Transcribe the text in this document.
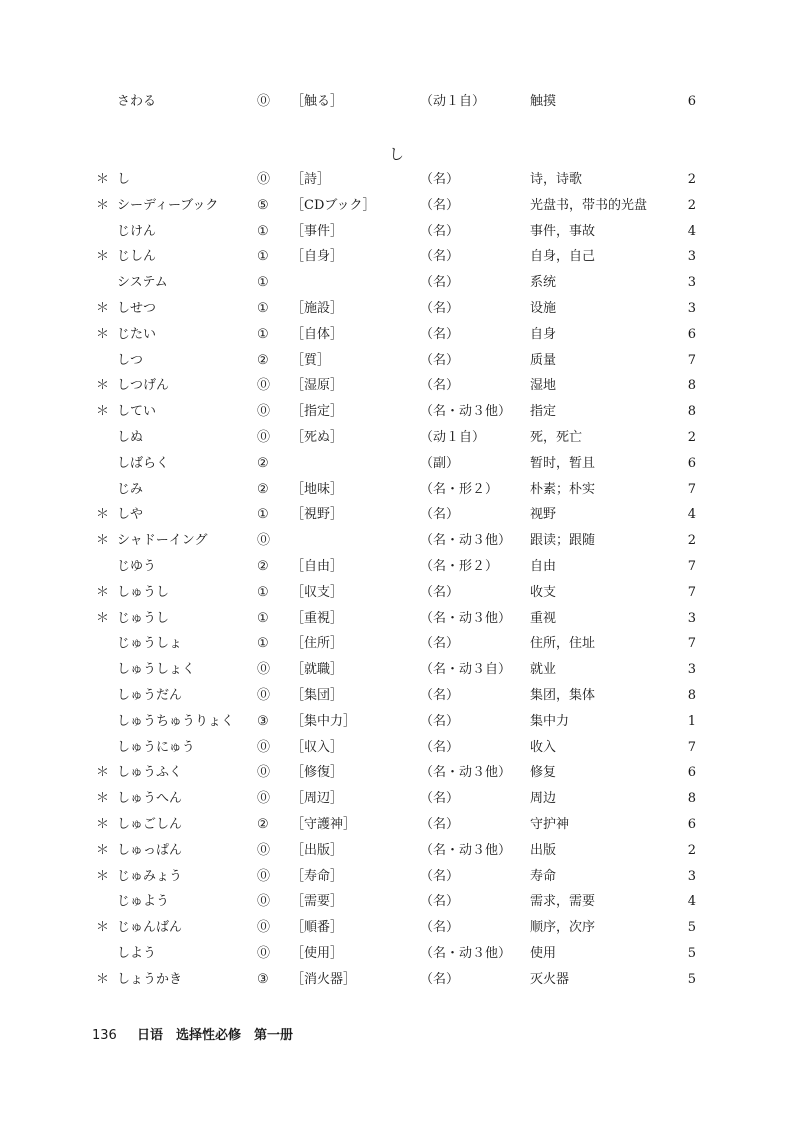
さわる	⓪ ［触る］	（动１自）	触摸	6
＊ し	⓪ ［詩］	（名）	诗，诗歌	2
＊ シーディーブック	⑤ ［CDブック］	（名）	光盘书，带书的光盘	2
じけん	① ［事件］	（名）	事件，事故	4
＊ じしん	① ［自身］	（名）	自身，自己	3
システム	①	（名）	系统	3
＊ しせつ	① ［施設］	（名）	设施	3
＊ じたい	① ［自体］	（名）	自身	6
しつ	② ［質］	（名）	质量	7
＊ しつげん	⓪ ［湿原］	（名）	湿地	8
＊ してい	⓪ ［指定］	（名・动３他） 指定	8
しぬ	⓪ ［死ぬ］	（动１自）	死，死亡	2
しばらく	②	（副）	暂时，暂且	6
じみ	② ［地味］	（名・形２） 朴素；朴实	7
＊ しや	① ［視野］	（名）	视野	4
＊ シャドーイング	⓪	（名・动３他） 跟读；跟随	2
じゆう	② ［自由］	（名・形２） 自由	7
＊ しゅうし	① ［収支］	（名）	收支	7
＊ じゅうし	① ［重視］	（名・动３他） 重视	3
じゅうしょ	① ［住所］	（名）	住所，住址	7
しゅうしょく	⓪ ［就職］	（名・动３自） 就业	3
しゅうだん	⓪ ［集団］	（名）	集团，集体	8
しゅうちゅうりょく ③ ［集中力］	（名）	集中力	1
しゅうにゅう	⓪ ［収入］	（名）	收入	7
＊ しゅうふく	⓪ ［修復］	（名・动３他） 修复	6
＊ しゅうへん	⓪ ［周辺］	（名）	周边	8
＊ しゅごしん	② ［守護神］	（名）	守护神	6
＊ しゅっぱん	⓪ ［出版］	（名・动３他） 出版	2
＊ じゅみょう	⓪ ［寿命］	（名）	寿命	3
じゅよう	⓪ ［需要］	（名）	需求，需要	4
＊ じゅんばん	⓪ ［順番］	（名）	顺序，次序	5
しよう	⓪ ［使用］	（名・动３他） 使用	5
＊ しょうかき	③ ［消火器］	（名）	灭火器	5
し
136 日语　选择性必修　第一册
